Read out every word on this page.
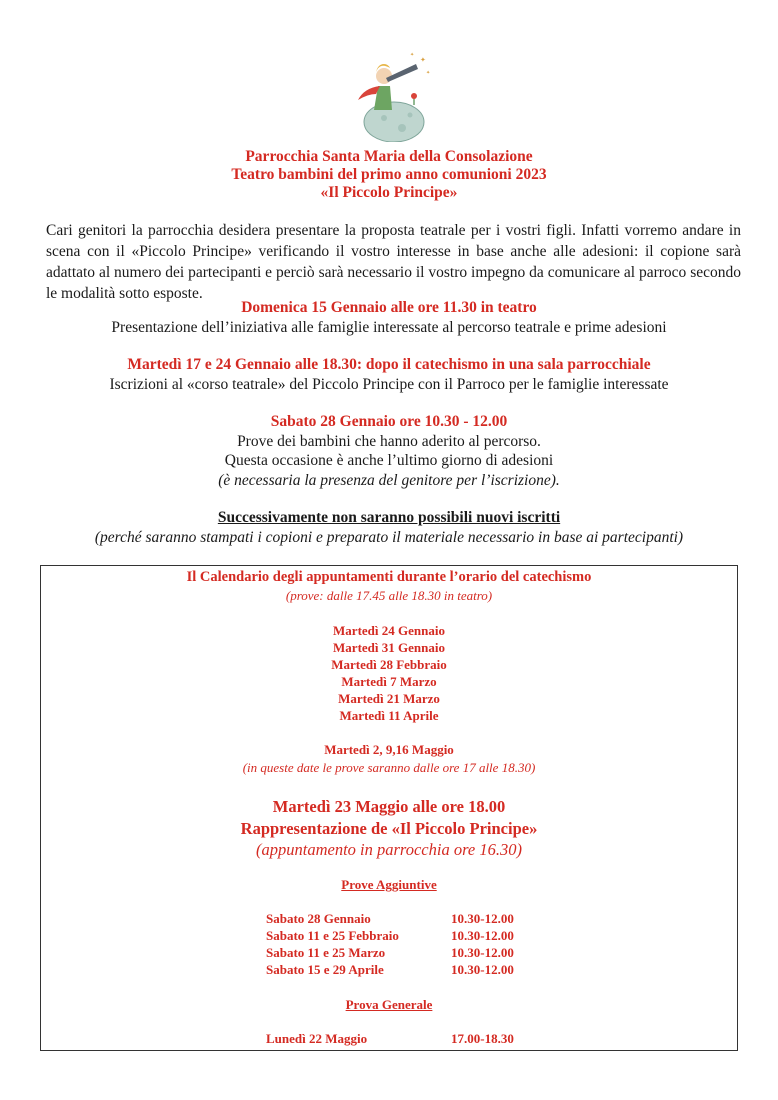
✦
✦
✦
Parrocchia Santa Maria della Consolazione
Teatro bambini del primo anno comunioni 2023
«Il Piccolo Principe»
Cari genitori la parrocchia desidera presentare la proposta teatrale per i vostri figli. Infatti vorremo andare in scena con il «Piccolo Principe» verificando il vostro interesse in base anche alle adesioni: il copione sarà adattato al numero dei partecipanti e perciò sarà necessario il vostro impegno da comunicare al parroco secondo le modalità sotto esposte.
Domenica 15 Gennaio alle ore 11.30 in teatro
Presentazione dell’iniziativa alle famiglie interessate al percorso teatrale e prime adesioni
Martedì 17 e 24 Gennaio alle 18.30: dopo il catechismo in una sala parrocchiale
Iscrizioni al «corso teatrale» del Piccolo Principe con il Parroco per le famiglie interessate
Sabato 28 Gennaio ore 10.30 - 12.00
Prove dei bambini che hanno aderito al percorso.
Questa occasione è anche l’ultimo giorno di adesioni
(è necessaria la presenza del genitore per l’iscrizione).
Successivamente non saranno possibili nuovi iscritti
(perché saranno stampati i copioni e preparato il materiale necessario in base ai partecipanti)
Il Calendario degli appuntamenti durante l’orario del catechismo
(prove: dalle 17.45 alle 18.30 in teatro)
Martedì 24 Gennaio
Martedì 31 Gennaio
Martedì 28 Febbraio
Martedì 7 Marzo
Martedì 21 Marzo
Martedì 11 Aprile
Martedì 2, 9,16 Maggio
(in queste date le prove saranno dalle ore 17 alle 18.30)
Martedì 23 Maggio alle ore 18.00
Rappresentazione de «Il Piccolo Principe»
(appuntamento in parrocchia ore 16.30)
Prove Aggiuntive
Sabato 28 Gennaio	10.30-12.00
Sabato 11 e 25 Febbraio	10.30-12.00
Sabato 11 e 25 Marzo	10.30-12.00
Sabato 15 e 29 Aprile	10.30-12.00
Prova Generale
Lunedì 22 Maggio	17.00-18.30
